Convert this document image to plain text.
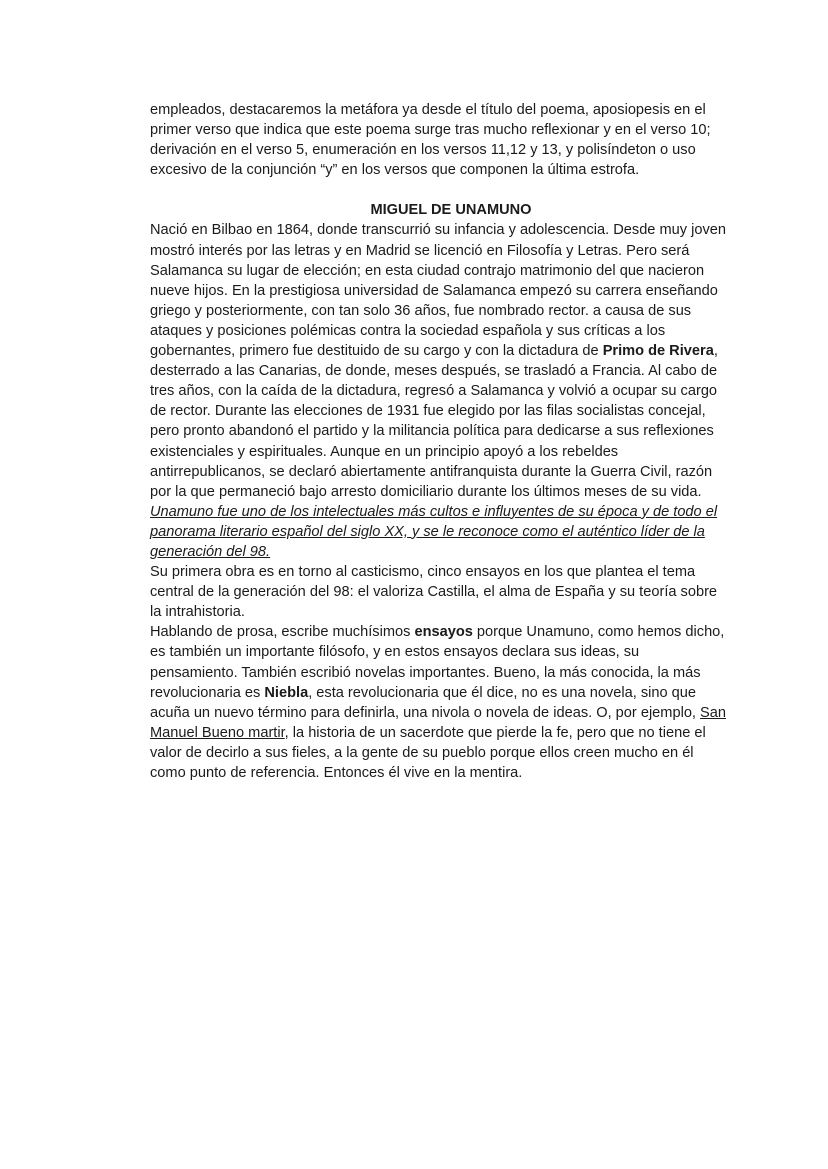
empleados, destacaremos la metáfora ya desde el título del poema, aposiopesis en el primer verso que indica que este poema surge tras mucho reflexionar y en el verso 10; derivación en el verso 5, enumeración en los versos 11,12 y 13, y polisíndeton o uso excesivo de la conjunción “y” en los versos que componen la última estrofa.

MIGUEL DE UNAMUNO

Nació en Bilbao en 1864, donde transcurrió su infancia y adolescencia. Desde muy joven mostró interés por las letras y en Madrid se licenció en Filosofía y Letras. Pero será Salamanca su lugar de elección; en esta ciudad contrajo matrimonio del que nacieron nueve hijos. En la prestigiosa universidad de Salamanca empezó su carrera enseñando griego y posteriormente, con tan solo 36 años, fue nombrado rector. a causa de sus ataques y posiciones polémicas contra la sociedad española y sus críticas a los gobernantes, primero fue destituido de su cargo y con la dictadura de Primo de Rivera, desterrado a las Canarias, de donde, meses después, se trasladó a Francia. Al cabo de tres años, con la caída de la dictadura, regresó a Salamanca y volvió a ocupar su cargo de rector. Durante las elecciones de 1931 fue elegido por las filas socialistas concejal, pero pronto abandonó el partido y la militancia política para dedicarse a sus reflexiones existenciales y espirituales. Aunque en un principio apoyó a los rebeldes antirrepublicanos, se declaró abiertamente antifranquista durante la Guerra Civil, razón por la que permaneció bajo arresto domiciliario durante los últimos meses de su vida. Unamuno fue uno de los intelectuales más cultos e influyentes de su época y de todo el panorama literario español del siglo XX, y se le reconoce como el auténtico líder de la generación del 98.

Su primera obra es en torno al casticismo, cinco ensayos en los que plantea el tema central de la generación del 98: el valoriza Castilla, el alma de España y su teoría sobre la intrahistoria.

Hablando de prosa, escribe muchísimos ensayos porque Unamuno, como hemos dicho, es también un importante filósofo, y en estos ensayos declara sus ideas, su pensamiento. También escribió novelas importantes. Bueno, la más conocida, la más revolucionaria es Niebla, esta revolucionaria que él dice, no es una novela, sino que acuña un nuevo término para definirla, una nivola o novela de ideas. O, por ejemplo, San Manuel Bueno martir, la historia de un sacerdote que pierde la fe, pero que no tiene el valor de decirlo a sus fieles, a la gente de su pueblo porque ellos creen mucho en él como punto de referencia. Entonces él vive en la mentira.
